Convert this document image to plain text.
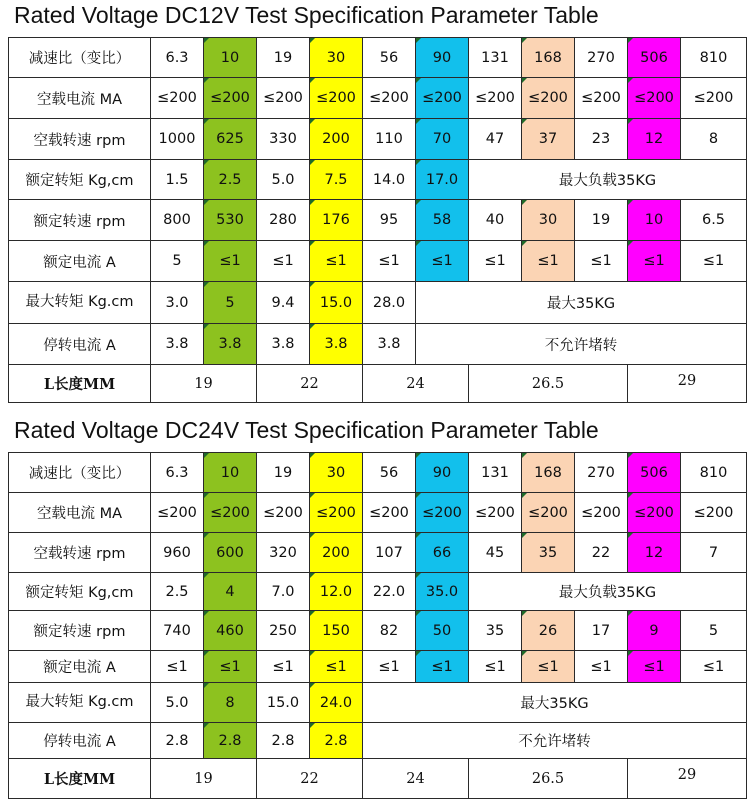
Rated Voltage DC12V Test Specification Parameter Table
减速比（变比）	6.3	10	19	30	56	90	131	168	270	506	810
空载电流 MA	≤200	≤200	≤200	≤200	≤200	≤200	≤200	≤200	≤200	≤200	≤200
空载转速 rpm	1000	625	330	200	110	70	47	37	23	12	8
额定转矩 Kg,cm	1.5	2.5	5.0	7.5	14.0	17.0	最大负载35KG				
额定转速 rpm	800	530	280	176	95	58	40	30	19	10	6.5
额定电流 A	5	≤1	≤1	≤1	≤1	≤1	≤1	≤1	≤1	≤1	≤1
最大转矩 Kg.cm	3.0	5	9.4	15.0	28.0	最大35KG					
停转电流 A	3.8	3.8	3.8	3.8	3.8	不允许堵转					
L长度MM	19		22		24		26.5			29	
Rated Voltage DC24V Test Specification Parameter Table
减速比（变比）	6.3	10	19	30	56	90	131	168	270	506	810
空载电流 MA	≤200	≤200	≤200	≤200	≤200	≤200	≤200	≤200	≤200	≤200	≤200
空载转速 rpm	960	600	320	200	107	66	45	35	22	12	7
额定转矩 Kg,cm	2.5	4	7.0	12.0	22.0	35.0	最大负载35KG				
额定转速 rpm	740	460	250	150	82	50	35	26	17	9	5
额定电流 A	≤1	≤1	≤1	≤1	≤1	≤1	≤1	≤1	≤1	≤1	≤1
最大转矩 Kg.cm	5.0	8	15.0	24.0	最大35KG						
停转电流 A	2.8	2.8	2.8	2.8	不允许堵转						
L长度MM	19		22		24		26.5			29	
